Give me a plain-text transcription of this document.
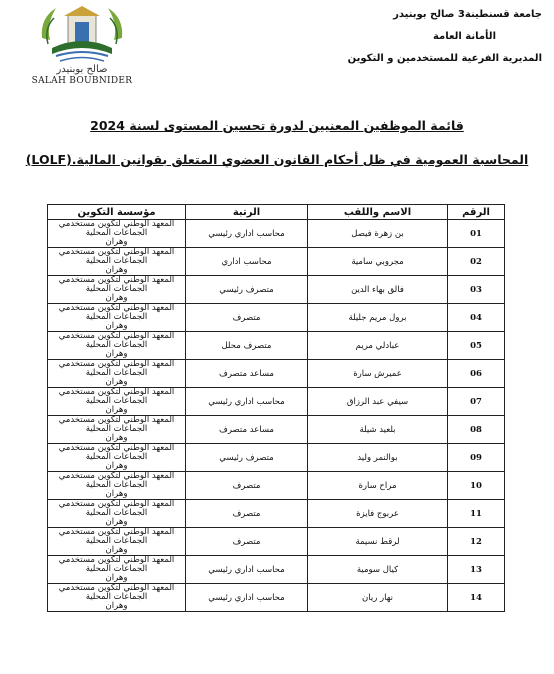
صالح بوبنيدر
SALAH BOUBNIDER
جامعة قسنطينة3 صالح بوبنيدر
الأمانة العامة
المديرية الفرعية للمستخدمين و التكوين
قائمة الموظفين المعنيين لدورة تحسين المستوى لسنة 2024
المحاسبة العمومية في ظل أحكام القانون العضوي المتعلق بقوانين المالية.(LOLF)
الرقم	الاسم واللقب	الرتبة	مؤسسة التكوين
01	بن زهرة فيصل	محاسب اداري رئيسي	المعهد الوطني لتكوين مستخدمي الجماعات المحلية
وهران

02	مجروبي سامية	محاسب اداري	المعهد الوطني لتكوين مستخدمي الجماعات المحلية
وهران

03	فالق بهاء الدين	متصرف رئيسي	المعهد الوطني لتكوين مستخدمي الجماعات المحلية
وهران

04	برول مريم جليلة	متصرف	المعهد الوطني لتكوين مستخدمي الجماعات المحلية
وهران

05	عبادلي مريم	متصرف محلل	المعهد الوطني لتكوين مستخدمي الجماعات المحلية
وهران

06	عميرش سارة	مساعد متصرف	المعهد الوطني لتكوين مستخدمي الجماعات المحلية
وهران

07	سيفي عبد الرزاق	محاسب اداري رئيسي	المعهد الوطني لتكوين مستخدمي الجماعات المحلية
وهران

08	بلعيد شيلة	مساعد متصرف	المعهد الوطني لتكوين مستخدمي الجماعات المحلية
وهران

09	بوالنمر وليد	متصرف رئيسي	المعهد الوطني لتكوين مستخدمي الجماعات المحلية
وهران

10	مراح سارة	متصرف	المعهد الوطني لتكوين مستخدمي الجماعات المحلية
وهران

11	عربوج فايزة	متصرف	المعهد الوطني لتكوين مستخدمي الجماعات المحلية
وهران

12	لرقط نسيمة	متصرف	المعهد الوطني لتكوين مستخدمي الجماعات المحلية
وهران

13	كيال سومية	محاسب اداري رئيسي	المعهد الوطني لتكوين مستخدمي الجماعات المحلية
وهران

14	نهار ريان	محاسب اداري رئيسي	المعهد الوطني لتكوين مستخدمي الجماعات المحلية
وهران
